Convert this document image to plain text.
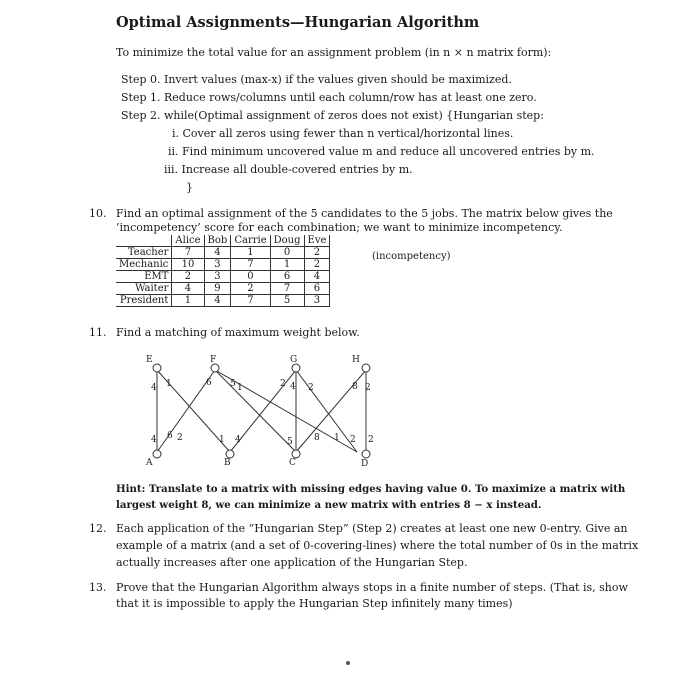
Optimal Assignments—Hungarian Algorithm
To minimize the total value for an assignment problem (in n × n matrix form):
Step 0. Invert values (max-x) if the values given should be maximized.
Step 1. Reduce rows/columns until each column/row has at least one zero.
Step 2. while(Optimal assignment of zeros does not exist) {Hungarian step:
i. Cover all zeros using fewer than n vertical/horizontal lines.
ii. Find minimum uncovered value m and reduce all uncovered entries by m.
iii. Increase all double-covered entries by m.
}
10. Find an optimal assignment of the 5 candidates to the 5 jobs. The matrix below gives the
‘incompetency’ score for each combination; we want to minimize incompetency.
	Alice	Bob	Carrie	Doug	Eve
Teacher	7	4	1	0	2
Mechanic	10	3	7	1	2
EMT	2	3	0	6	4
Waiter	4	9	2	7	6
President	1	4	7	5	3
(incompetency)
11. Find a matching of maximum weight below.
E	F	G	H
A	B	C	D
4 1	6 5 1	2 4 2	8 2
4 6 2	1 4	5 8 1 2 2
Hint: Translate to a matrix with missing edges having value 0. To maximize a matrix with
largest weight 8, we can minimize a new matrix with entries 8 − x instead.
12. Each application of the “Hungarian Step” (Step 2) creates at least one new 0-entry. Give an
example of a matrix (and a set of 0-covering-lines) where the total number of 0s in the matrix
actually increases after one application of the Hungarian Step.
13. Prove that the Hungarian Algorithm always stops in a finite number of steps. (That is, show
that it is impossible to apply the Hungarian Step infinitely many times)
